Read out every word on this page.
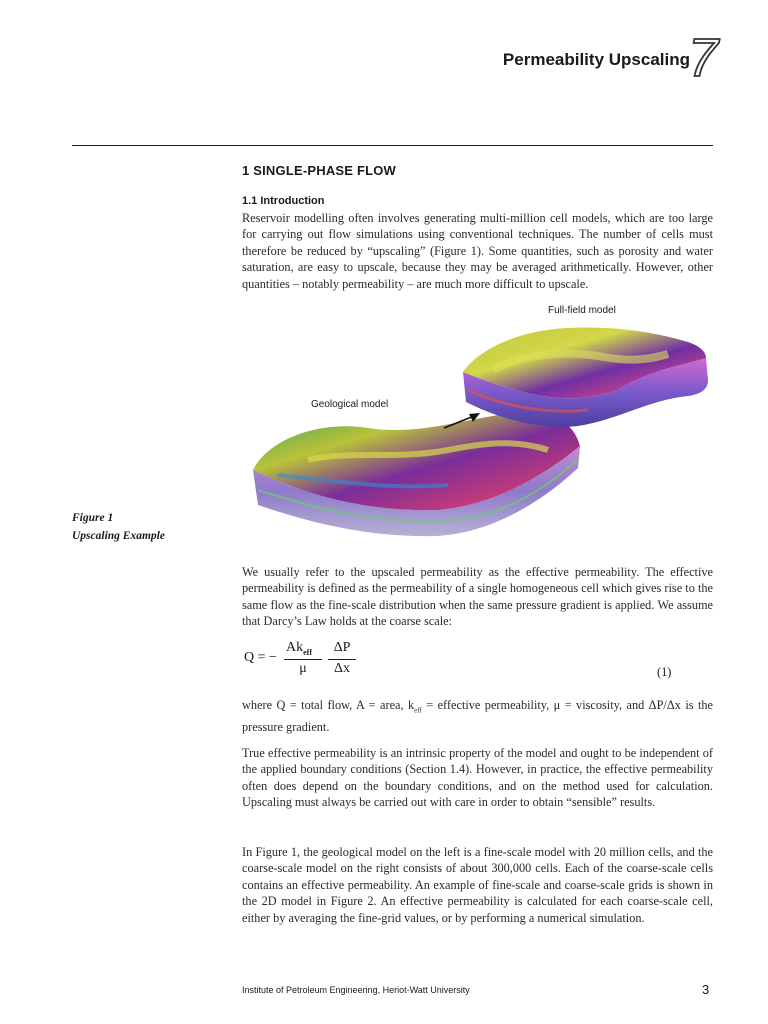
Permeability Upscaling
7
1 SINGLE-PHASE FLOW
1.1 Introduction
Reservoir modelling often involves generating multi-million cell models, which are too large for carrying out flow simulations using conventional techniques. The number of cells must therefore be reduced by “upscaling” (Figure 1). Some quantities, such as porosity and water saturation, are easy to upscale, because they may be averaged arithmetically. However, other quantities – notably permeability – are much more difficult to upscale.
Full-field model
Geological model
Figure 1
Upscaling Example
We usually refer to the upscaled permeability as the effective permeability. The effective permeability is defined as the permeability of a single homogeneous cell which gives rise to the same flow as the fine-scale distribution when the same pressure gradient is applied. We assume that Darcy’s Law holds at the coarse scale:
Q = −
$Ak_{eff}$
μ
ΔP
Δx	(1)
where Q = total flow, A = area, $k_{eff}$ = effective permeability, μ = viscosity, and ΔP/Δx is the pressure gradient.
True effective permeability is an intrinsic property of the model and ought to be independent of the applied boundary conditions (Section 1.4). However, in practice, the effective permeability often does depend on the boundary conditions, and on the method used for calculation. Upscaling must always be carried out with care in order to obtain “sensible” results.
In Figure 1, the geological model on the left is a fine-scale model with 20 million cells, and the coarse-scale model on the right consists of about 300,000 cells. Each of the coarse-scale cells contains an effective permeability. An example of fine-scale and coarse-scale grids is shown in the 2D model in Figure 2. An effective permeability is calculated for each coarse-scale cell, either by averaging the fine-grid values, or by performing a numerical simulation.
Institute of Petroleum Engineering, Heriot-Watt University	3
